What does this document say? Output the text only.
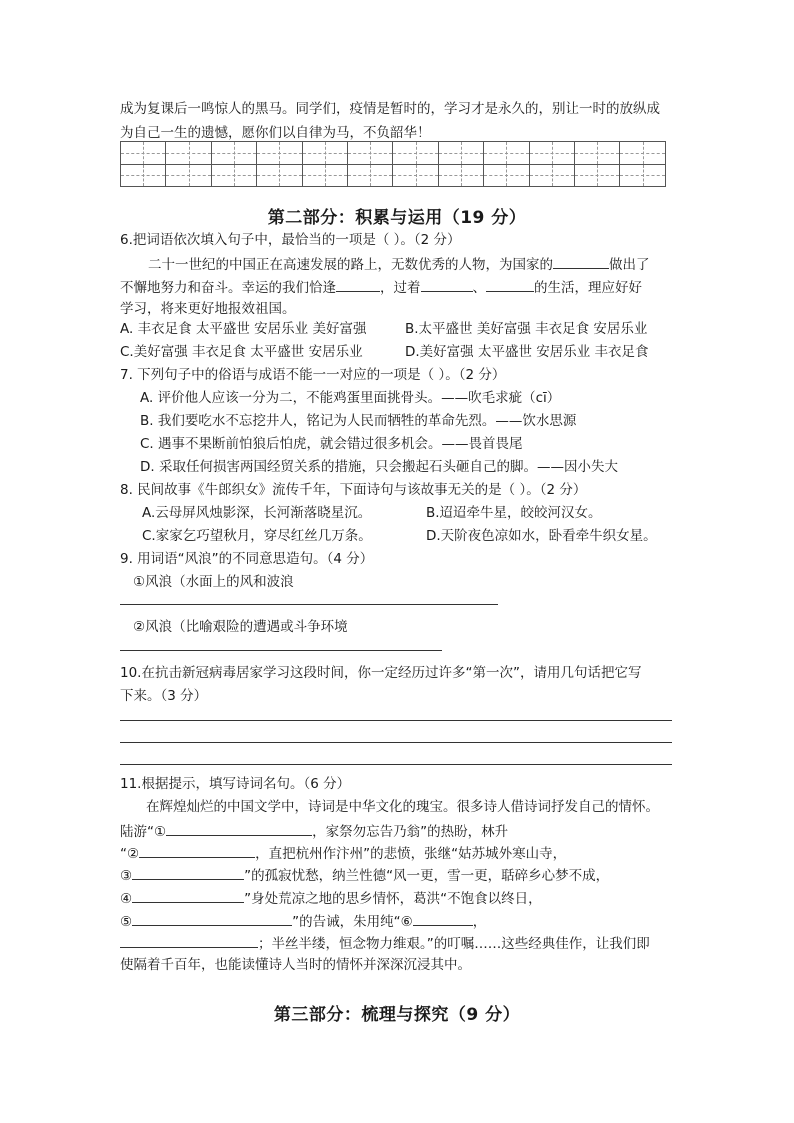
成为复课后一鸣惊人的黑马。同学们，疫情是暂时的，学习才是永久的，别让一时的放纵成
为自己一生的遗憾，愿你们以自律为马，不负韶华！

第二部分：积累与运用（19 分）
6.把词语依次填入句子中，最恰当的一项是（ ）。（2 分）
二十一世纪的中国正在高速发展的路上，无数优秀的人物，为国家的	做出了
不懈地努力和奋斗。幸运的我们恰逢	，过着	、	的生活，理应好好
学习，将来更好地报效祖国。
A. 丰衣足食 太平盛世 安居乐业 美好富强	B.太平盛世 美好富强 丰衣足食 安居乐业
C.美好富强 丰衣足食 太平盛世 安居乐业	D.美好富强 太平盛世 安居乐业 丰衣足食
7. 下列句子中的俗语与成语不能一一对应的一项是（ ）。（2 分）
A. 评价他人应该一分为二，不能鸡蛋里面挑骨头。——吹毛求疵（cī）
B. 我们要吃水不忘挖井人，铭记为人民而牺牲的革命先烈。——饮水思源
C. 遇事不果断前怕狼后怕虎，就会错过很多机会。——畏首畏尾
D. 采取任何损害两国经贸关系的措施，只会搬起石头砸自己的脚。——因小失大
8. 民间故事《牛郎织女》流传千年，下面诗句与该故事无关的是（ ）。（2 分）
A.云母屏风烛影深，长河渐落晓星沉。	B.迢迢牵牛星，皎皎河汉女。
C.家家乞巧望秋月，穿尽红丝几万条。	D.天阶夜色凉如水，卧看牵牛织女星。
9. 用词语“风浪”的不同意思造句。（4 分）
①风浪（水面上的风和波浪
②风浪（比喻艰险的遭遇或斗争环境
10.在抗击新冠病毒居家学习这段时间，你一定经历过许多“第一次”，请用几句话把它写
下来。（3 分）
11.根据提示，填写诗词名句。（6 分）
在辉煌灿烂的中国文学中，诗词是中华文化的瑰宝。很多诗人借诗词抒发自己的情怀。
陆游“①	，家祭勿忘告乃翁”的热盼，林升
“②	，直把杭州作汴州”的悲愤，张继“姑苏城外寒山寺，
③	”的孤寂忧愁，纳兰性德“风一更，雪一更，聒碎乡心梦不成，
④	”身处荒凉之地的思乡情怀，葛洪“不饱食以终日，
⑤	”的告诫，朱用纯“⑥	，
；半丝半缕，恒念物力维艰。”的叮嘱……这些经典佳作，让我们即
使隔着千百年，也能读懂诗人当时的情怀并深深沉浸其中。
第三部分：梳理与探究（9 分）
